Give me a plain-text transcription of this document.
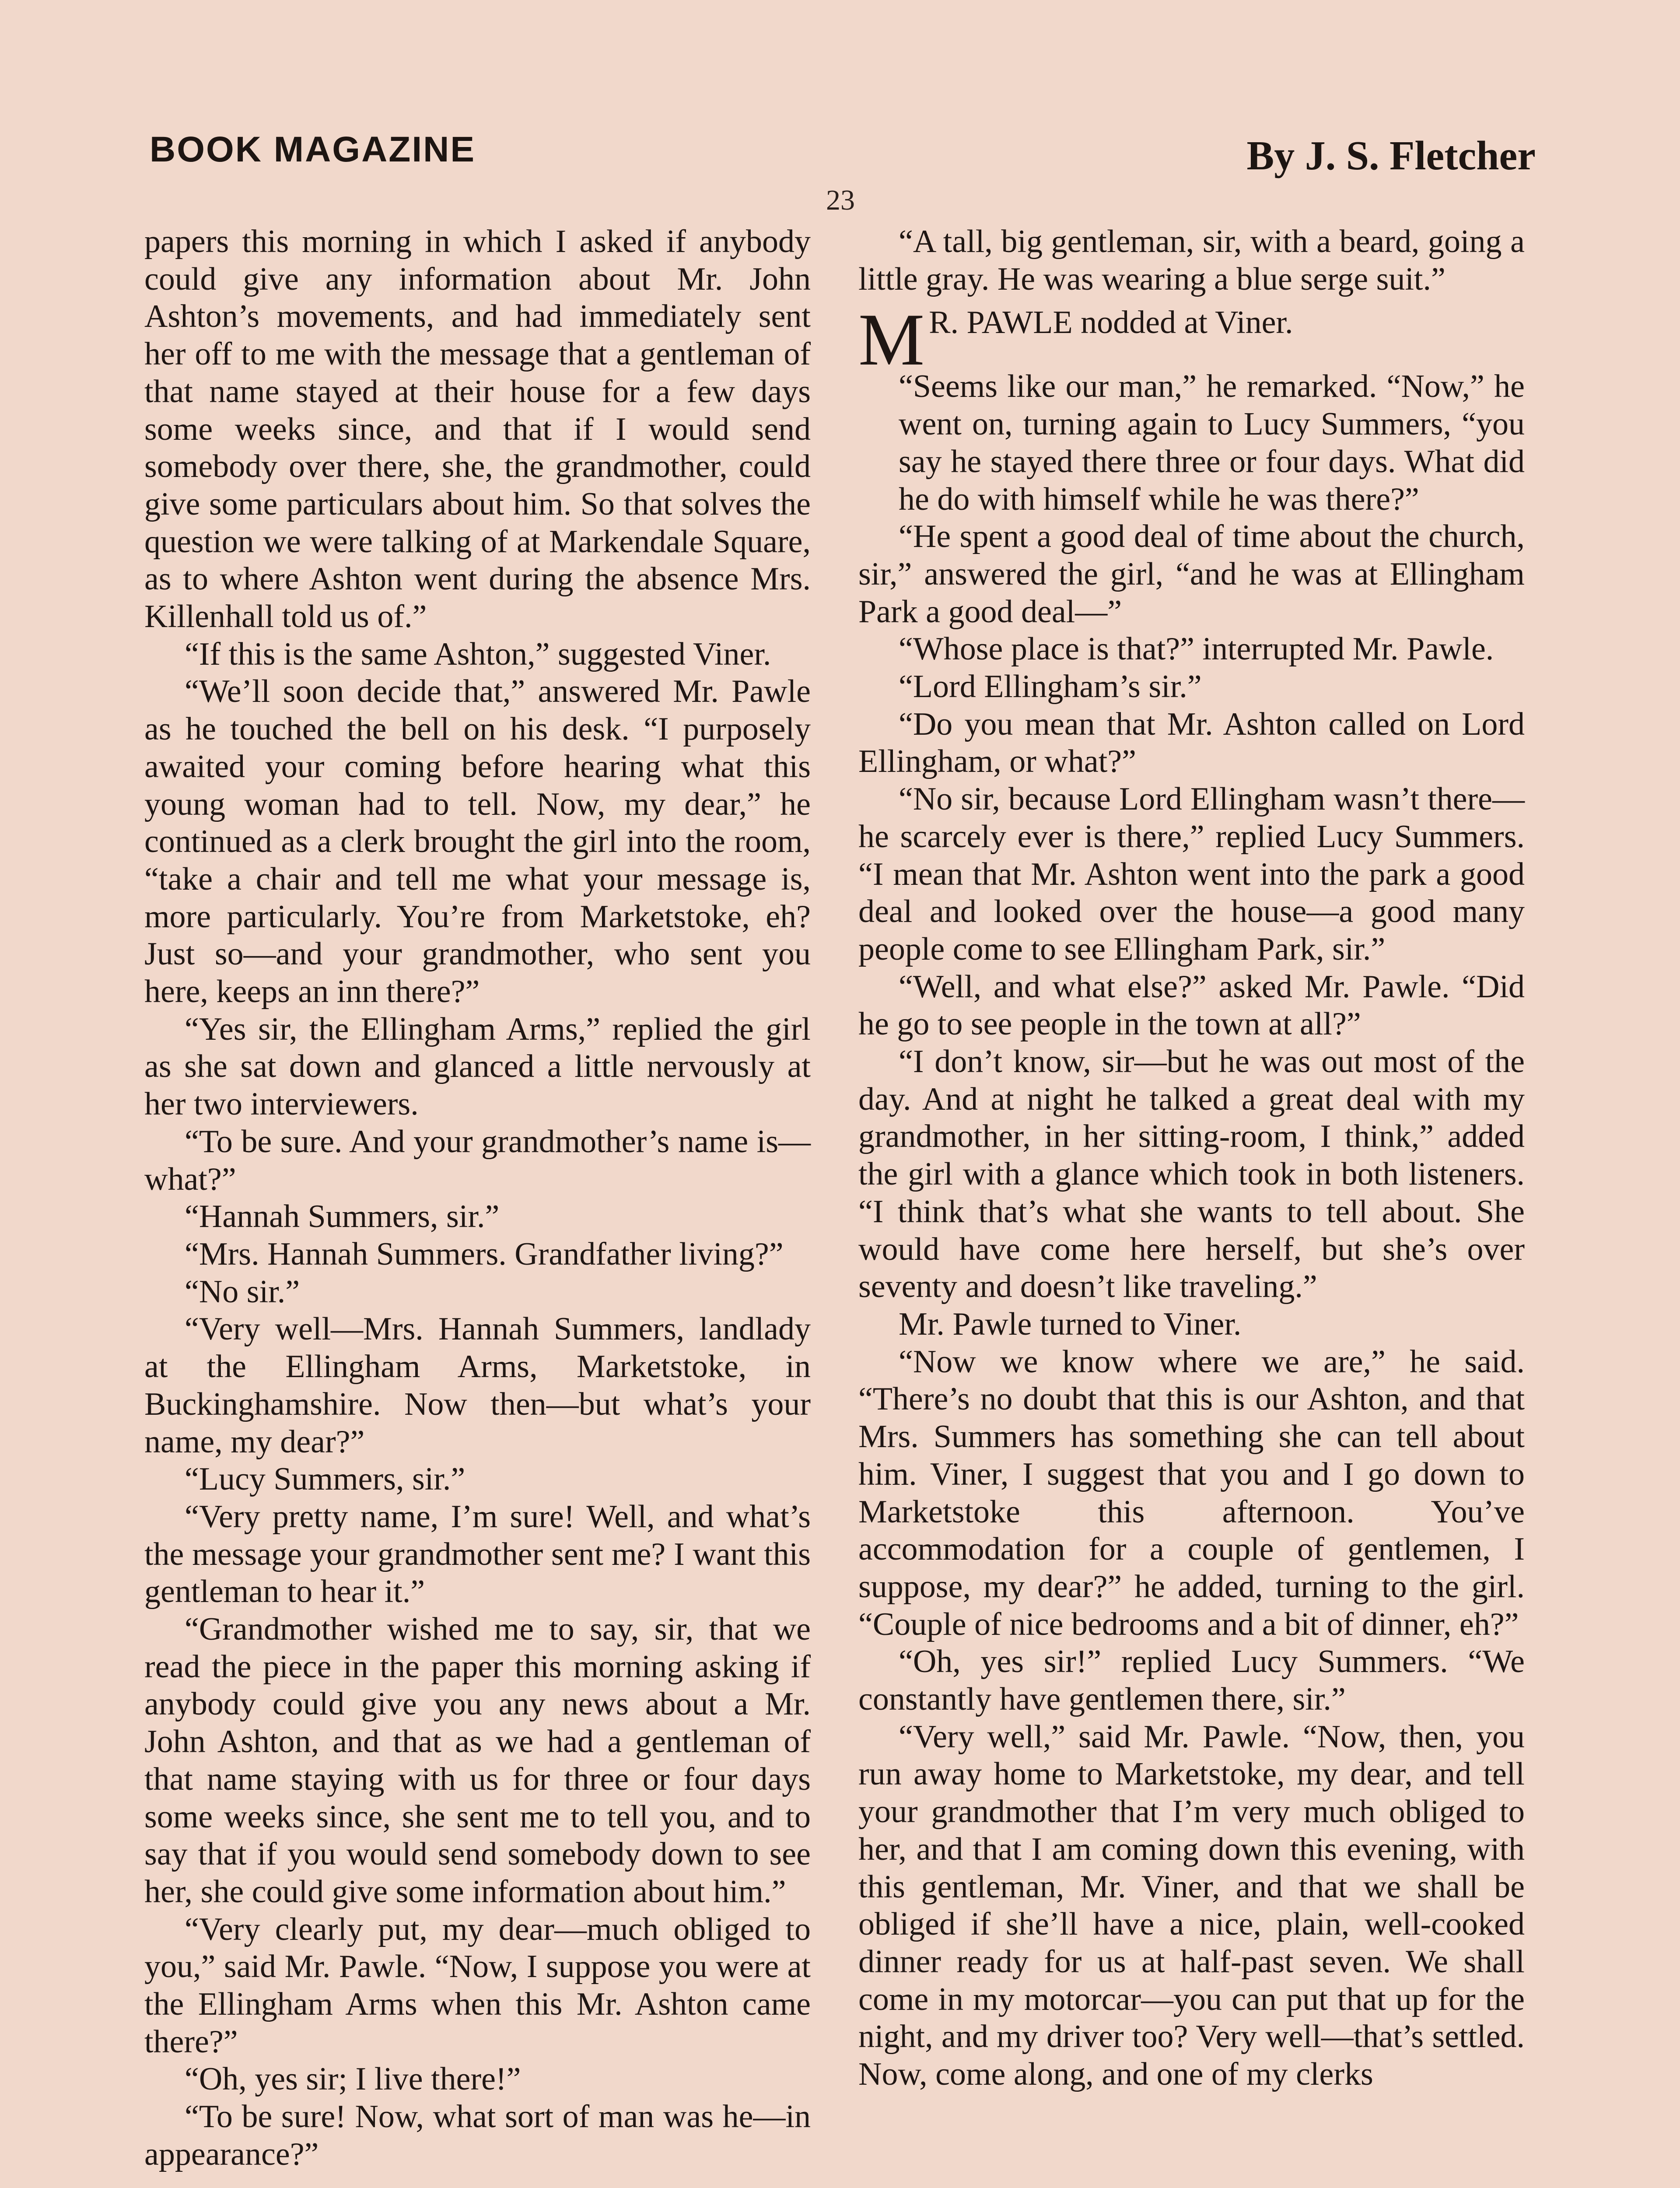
BOOK MAGAZINE	By J. S. Fletcher
23

papers this morning in which I asked if anybody could give any information about Mr. John Ashton’s movements, and had immediately sent her off to me with the message that a gentleman of that name stayed at their house for a few days some weeks since, and that if I would send somebody over there, she, the grandmother, could give some particulars about him. So that solves the question we were talking of at Markendale Square, as to where Ashton went during the absence Mrs. Killenhall told us of.”

“If this is the same Ashton,” suggested Viner.

“We’ll soon decide that,” answered Mr. Pawle as he touched the bell on his desk. “I purposely awaited your coming before hearing what this young woman had to tell. Now, my dear,” he continued as a clerk brought the girl into the room, “take a chair and tell me what your message is, more particularly. You’re from Marketstoke, eh? Just so—and your grandmother, who sent you here, keeps an inn there?”

“Yes sir, the Ellingham Arms,” replied the girl as she sat down and glanced a little nervously at her two interviewers.

“To be sure. And your grandmother’s name is—what?”

“Hannah Summers, sir.”

“Mrs. Hannah Summers. Grandfather living?”

“No sir.”

“Very well—Mrs. Hannah Summers, landlady at the Ellingham Arms, Marketstoke, in Buckinghamshire. Now then—but what’s your name, my dear?”

“Lucy Summers, sir.”

“Very pretty name, I’m sure! Well, and what’s the message your grandmother sent me? I want this gentleman to hear it.”

“Grandmother wished me to say, sir, that we read the piece in the paper this morning asking if anybody could give you any news about a Mr. John Ashton, and that as we had a gentleman of that name staying with us for three or four days some weeks since, she sent me to tell you, and to say that if you would send somebody down to see her, she could give some information about him.”

“Very clearly put, my dear—much obliged to you,” said Mr. Pawle. “Now, I suppose you were at the Ellingham Arms when this Mr. Ashton came there?”

“Oh, yes sir; I live there!”

“To be sure! Now, what sort of man was he—in appearance?”

“A tall, big gentleman, sir, with a beard, going a little gray. He was wearing a blue serge suit.”

M R. PAWLE nodded at Viner.
“Seems like our man,” he remarked. “Now,” he went on, turning again to Lucy Summers, “you say he stayed there three or four days. What did he do with himself while he was there?”

“He spent a good deal of time about the church, sir,” answered the girl, “and he was at Ellingham Park a good deal—”

“Whose place is that?” interrupted Mr. Pawle.

“Lord Ellingham’s sir.”

“Do you mean that Mr. Ashton called on Lord Ellingham, or what?”

“No sir, because Lord Ellingham wasn’t there—he scarcely ever is there,” replied Lucy Summers. “I mean that Mr. Ashton went into the park a good deal and looked over the house—a good many people come to see Ellingham Park, sir.”

“Well, and what else?” asked Mr. Pawle. “Did he go to see people in the town at all?”

“I don’t know, sir—but he was out most of the day. And at night he talked a great deal with my grandmother, in her sitting-room, I think,” added the girl with a glance which took in both listeners. “I think that’s what she wants to tell about. She would have come here herself, but she’s over seventy and doesn’t like traveling.”

Mr. Pawle turned to Viner.

“Now we know where we are,” he said. “There’s no doubt that this is our Ashton, and that Mrs. Summers has something she can tell about him. Viner, I suggest that you and I go down to Marketstoke this afternoon. You’ve accommodation for a couple of gentlemen, I suppose, my dear?” he added, turning to the girl. “Couple of nice bedrooms and a bit of dinner, eh?”

“Oh, yes sir!” replied Lucy Summers. “We constantly have gentlemen there, sir.”

“Very well,” said Mr. Pawle. “Now, then, you run away home to Marketstoke, my dear, and tell your grandmother that I’m very much obliged to her, and that I am coming down this evening, with this gentleman, Mr. Viner, and that we shall be obliged if she’ll have a nice, plain, well-cooked dinner ready for us at half-past seven. We shall come in my motorcar—you can put that up for the night, and my driver too? Very well—that’s settled. Now, come along, and one of my clerks
